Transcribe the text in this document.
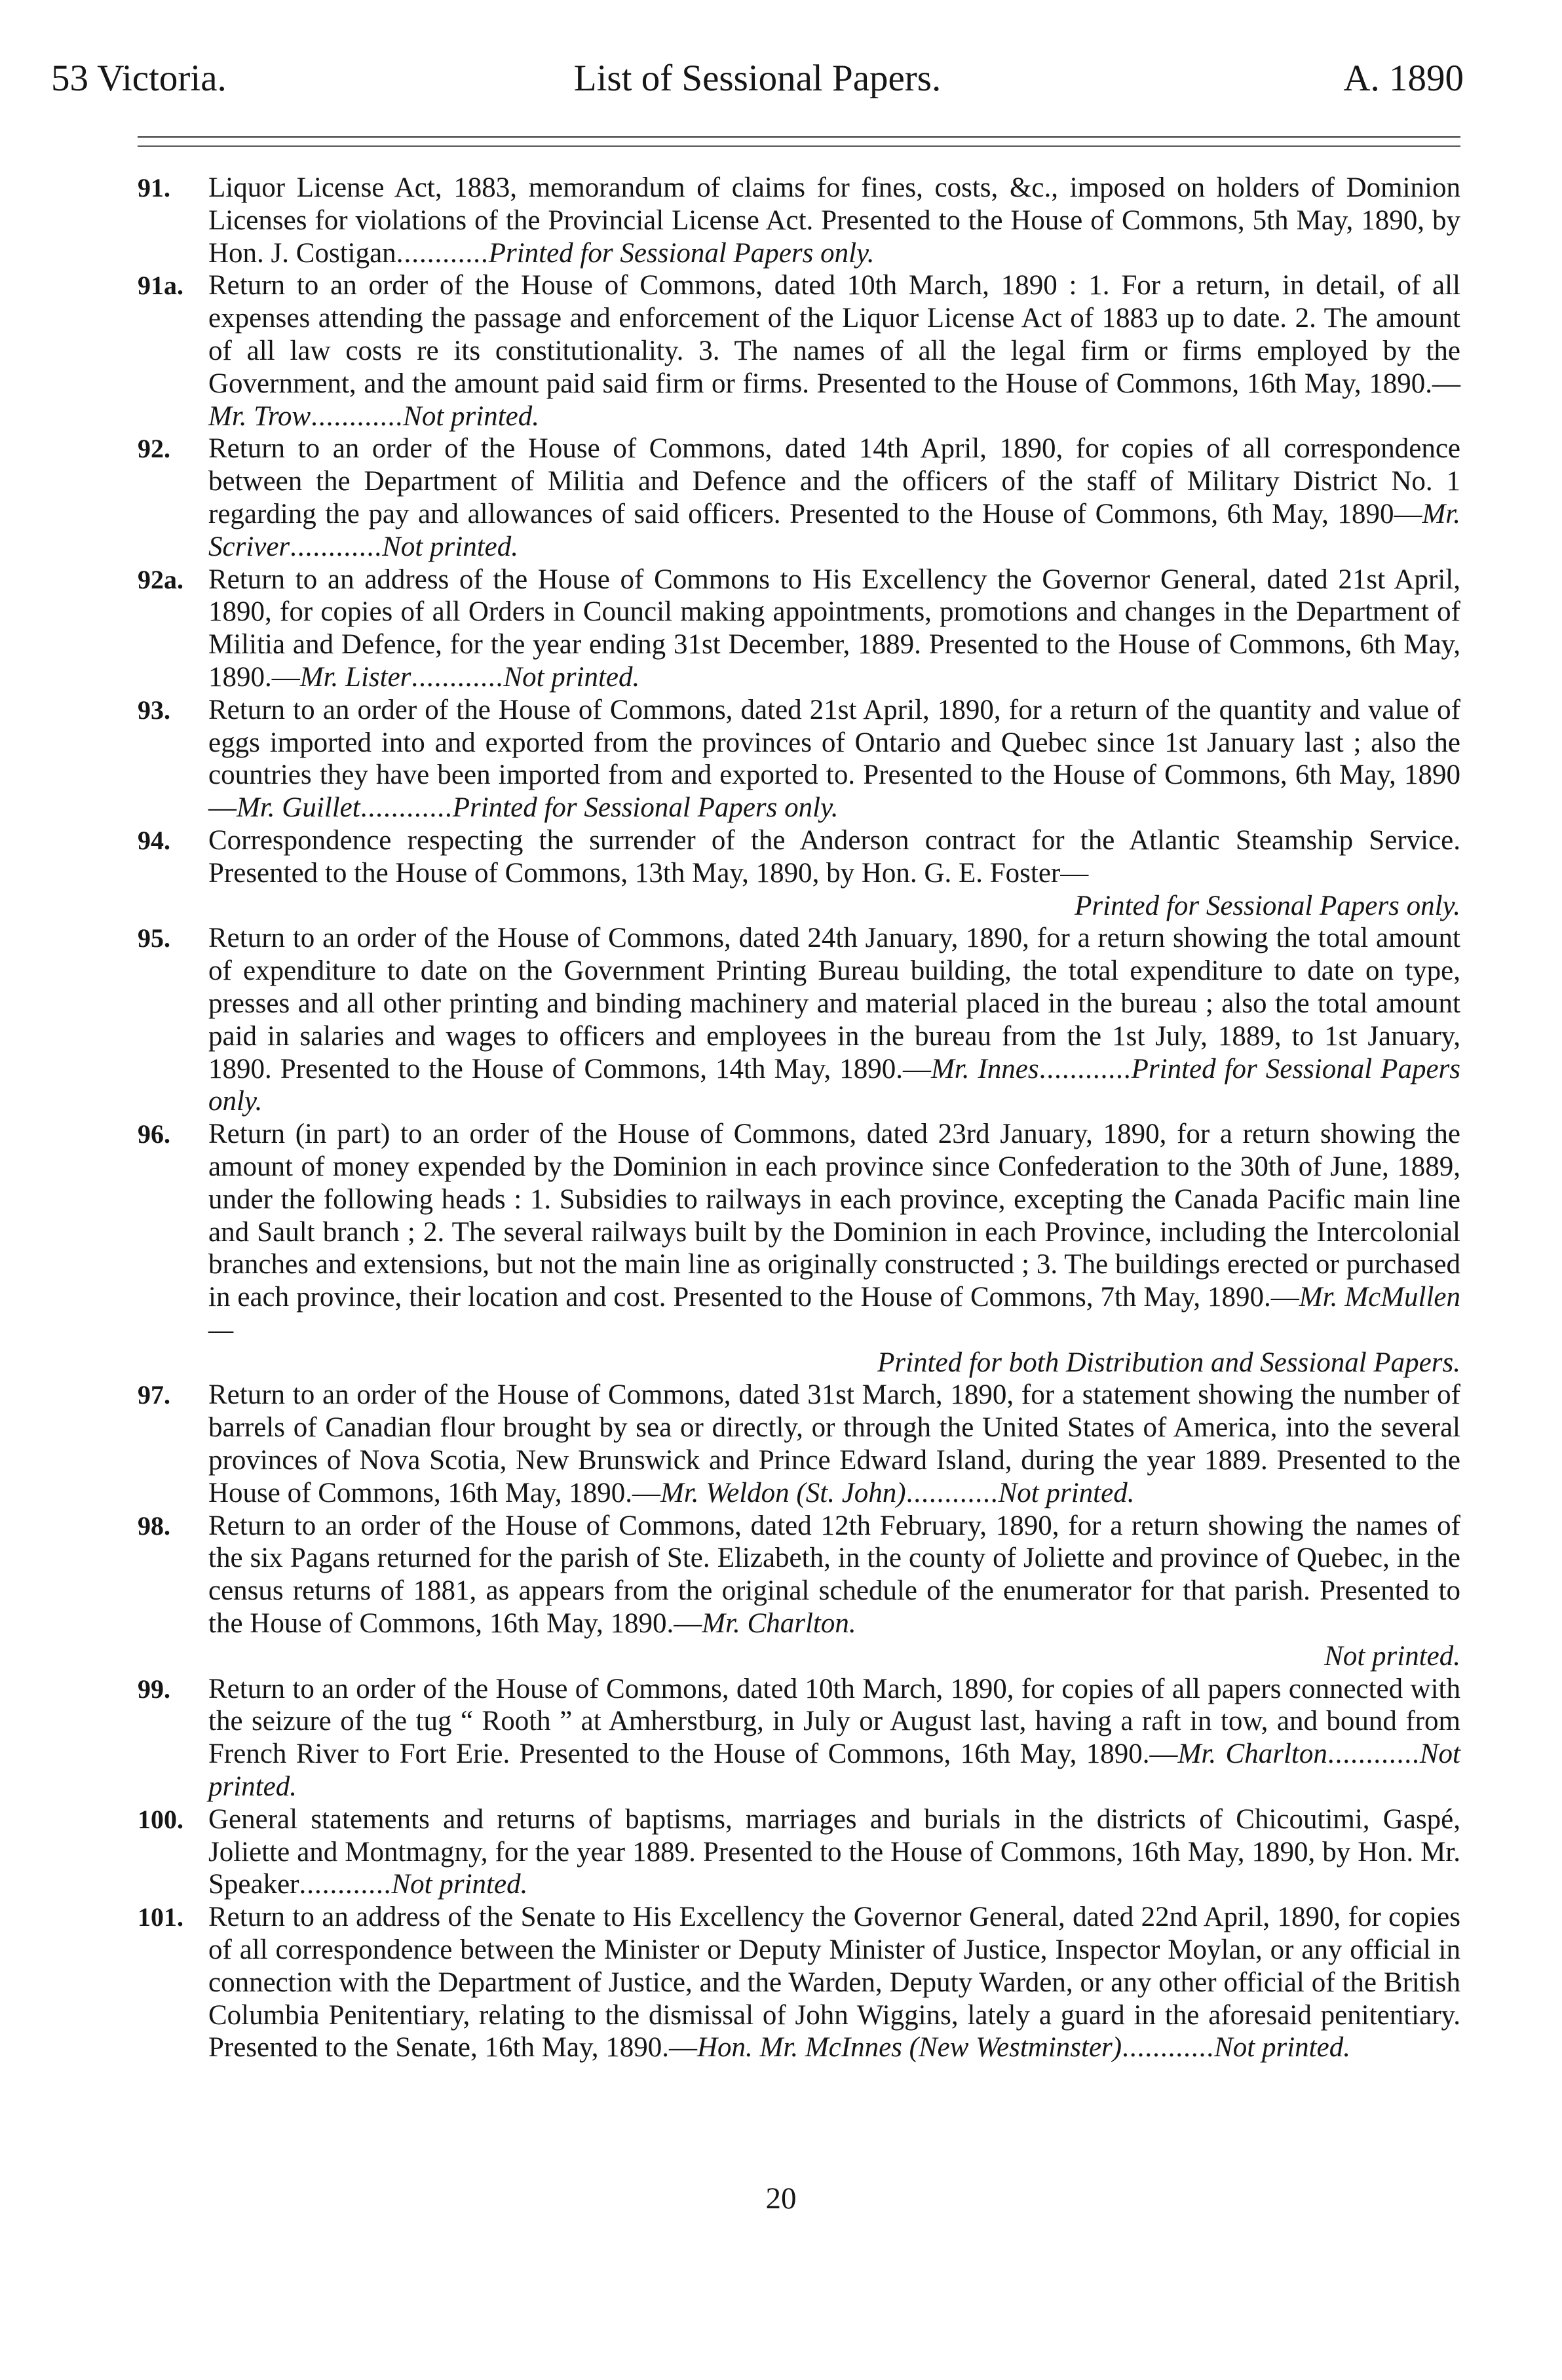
53 Victoria.	List of Sessional Papers.	A. 1890

91. Liquor License Act, 1883, memorandum of claims for fines, costs, &c., imposed on holders of Dominion Licenses for violations of the Provincial License Act. Presented to the House of Commons, 5th May, 1890, by Hon. J. Costigan............Printed for Sessional Papers only.

91a. Return to an order of the House of Commons, dated 10th March, 1890 : 1. For a return, in detail, of all expenses attending the passage and enforcement of the Liquor License Act of 1883 up to date. 2. The amount of all law costs re its constitutionality. 3. The names of all the legal firm or firms employed by the Government, and the amount paid said firm or firms. Presented to the House of Commons, 16th May, 1890.—Mr. Trow............Not printed.

92. Return to an order of the House of Commons, dated 14th April, 1890, for copies of all correspondence between the Department of Militia and Defence and the officers of the staff of Military District No. 1 regarding the pay and allowances of said officers. Presented to the House of Commons, 6th May, 1890—Mr. Scriver............Not printed.

92a. Return to an address of the House of Commons to His Excellency the Governor General, dated 21st April, 1890, for copies of all Orders in Council making appointments, promotions and changes in the Department of Militia and Defence, for the year ending 31st December, 1889. Presented to the House of Commons, 6th May, 1890.—Mr. Lister............Not printed.

93. Return to an order of the House of Commons, dated 21st April, 1890, for a return of the quantity and value of eggs imported into and exported from the provinces of Ontario and Quebec since 1st January last ; also the countries they have been imported from and exported to. Presented to the House of Commons, 6th May, 1890—Mr. Guillet............Printed for Sessional Papers only.

94. Correspondence respecting the surrender of the Anderson contract for the Atlantic Steamship Service. Presented to the House of Commons, 13th May, 1890, by Hon. G. E. Foster—
Printed for Sessional Papers only.

95. Return to an order of the House of Commons, dated 24th January, 1890, for a return showing the total amount of expenditure to date on the Government Printing Bureau building, the total expenditure to date on type, presses and all other printing and binding machinery and material placed in the bureau ; also the total amount paid in salaries and wages to officers and employees in the bureau from the 1st July, 1889, to 1st January, 1890. Presented to the House of Commons, 14th May, 1890.—Mr. Innes............Printed for Sessional Papers only.

96. Return (in part) to an order of the House of Commons, dated 23rd January, 1890, for a return showing the amount of money expended by the Dominion in each province since Confederation to the 30th of June, 1889, under the following heads : 1. Subsidies to railways in each province, excepting the Canada Pacific main line and Sault branch ; 2. The several railways built by the Dominion in each Province, including the Intercolonial branches and extensions, but not the main line as originally constructed ; 3. The buildings erected or purchased in each province, their location and cost. Presented to the House of Commons, 7th May, 1890.—Mr. McMullen—
Printed for both Distribution and Sessional Papers.

97. Return to an order of the House of Commons, dated 31st March, 1890, for a statement showing the number of barrels of Canadian flour brought by sea or directly, or through the United States of America, into the several provinces of Nova Scotia, New Brunswick and Prince Edward Island, during the year 1889. Presented to the House of Commons, 16th May, 1890.—Mr. Weldon (St. John)............Not printed.

98. Return to an order of the House of Commons, dated 12th February, 1890, for a return showing the names of the six Pagans returned for the parish of Ste. Elizabeth, in the county of Joliette and province of Quebec, in the census returns of 1881, as appears from the original schedule of the enumerator for that parish. Presented to the House of Commons, 16th May, 1890.—Mr. Charlton.
Not printed.

99. Return to an order of the House of Commons, dated 10th March, 1890, for copies of all papers connected with the seizure of the tug “ Rooth ” at Amherstburg, in July or August last, having a raft in tow, and bound from French River to Fort Erie. Presented to the House of Commons, 16th May, 1890.—Mr. Charlton............Not printed.

100. General statements and returns of baptisms, marriages and burials in the districts of Chicoutimi, Gaspé, Joliette and Montmagny, for the year 1889. Presented to the House of Commons, 16th May, 1890, by Hon. Mr. Speaker............Not printed.

101. Return to an address of the Senate to His Excellency the Governor General, dated 22nd April, 1890, for copies of all correspondence between the Minister or Deputy Minister of Justice, Inspector Moylan, or any official in connection with the Department of Justice, and the Warden, Deputy Warden, or any other official of the British Columbia Penitentiary, relating to the dismissal of John Wiggins, lately a guard in the aforesaid penitentiary. Presented to the Senate, 16th May, 1890.—Hon. Mr. McInnes (New Westminster)............Not printed.

20
